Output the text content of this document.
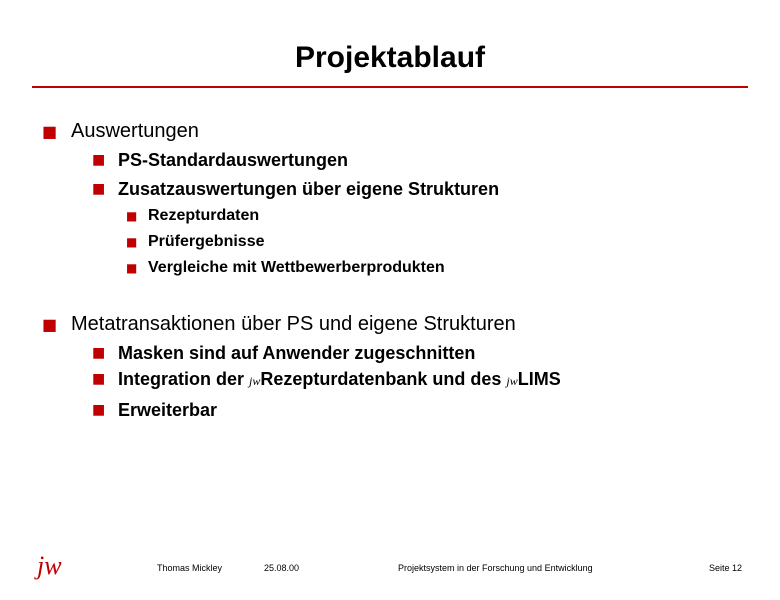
Projektablauf
■ Auswertungen
■ PS-Standardauswertungen
■ Zusatzauswertungen über eigene Strukturen
■ Rezepturdaten
■ Prüfergebnisse
■ Vergleiche mit Wettbewerberprodukten
■ Metatransaktionen über PS und eigene Strukturen
■ Masken sind auf Anwender zugeschnitten
■ Integration der jwRezepturdatenbank und des jwLIMS
■ Erweiterbar
jw	Thomas Mickley	25.08.00	Projektsystem in der Forschung und Entwicklung	Seite 12
